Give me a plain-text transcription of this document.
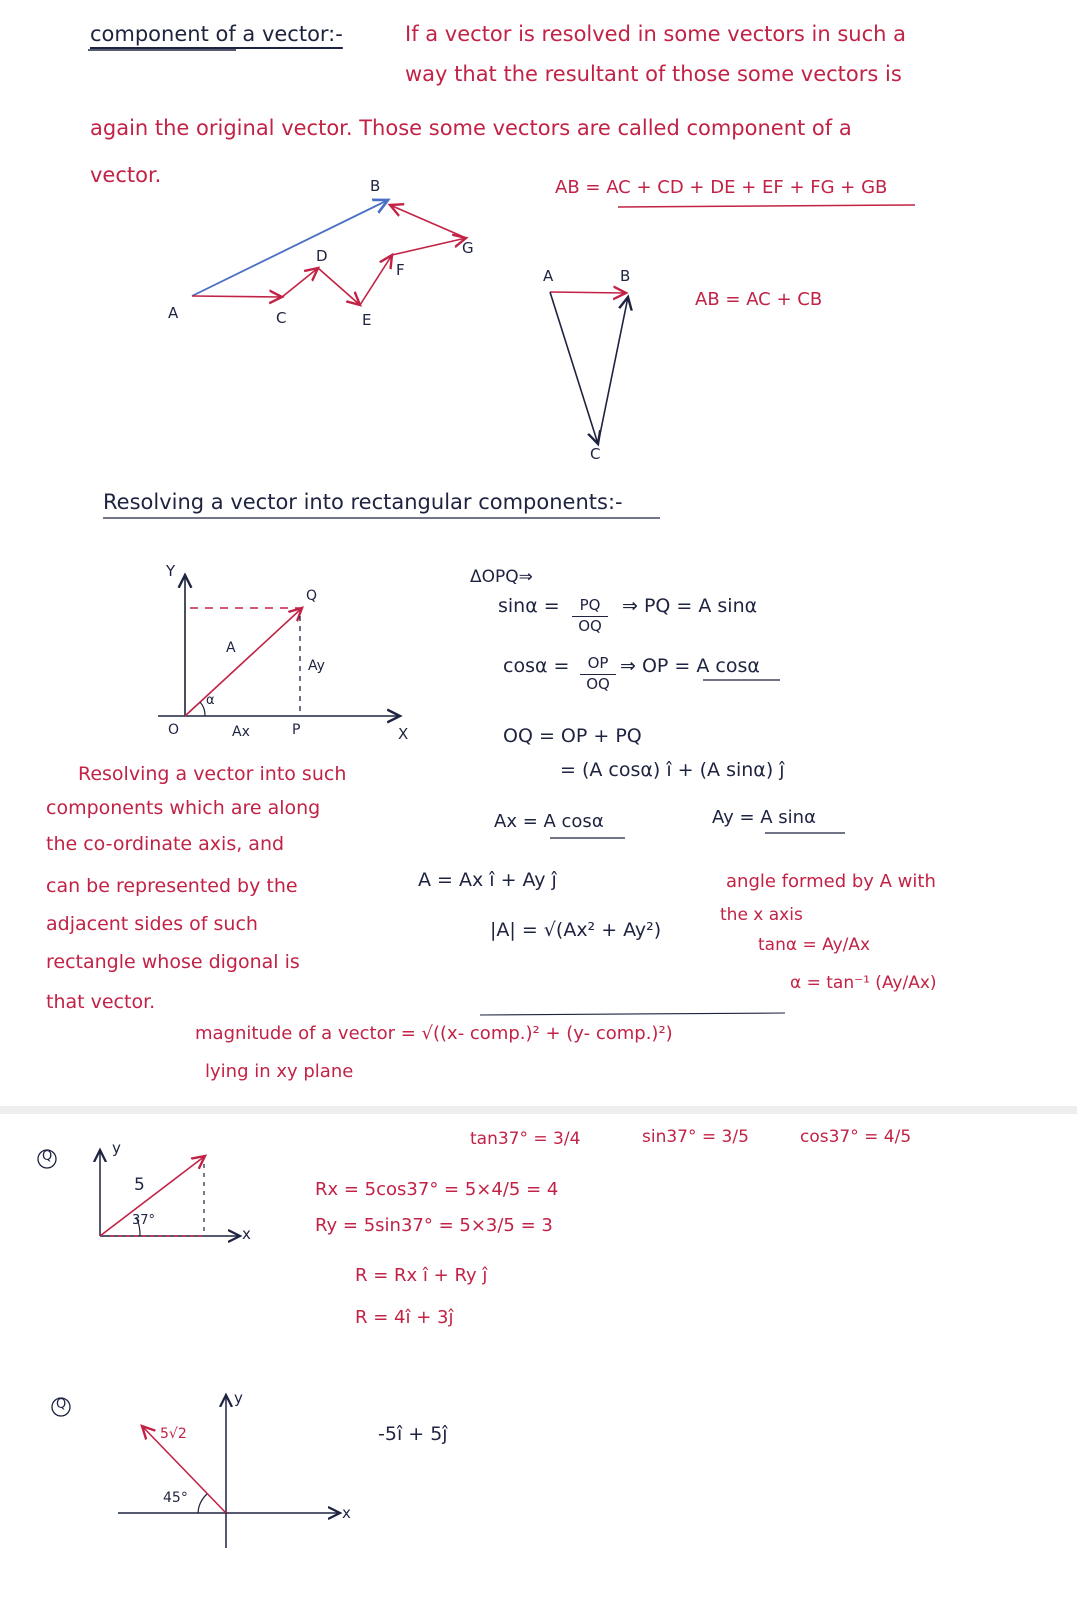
component of a vector:-	If a vector is resolved in some vectors in such a
way that the resultant of those some vectors is
again the original vector. Those some vectors are called component of a
vector.
AB = AC + CD + DE + EF + FG + GB
AB = AC + CB
A
B
C
D
E
F
G
A	B
C
Resolving a vector into rectangular components:-
Y
X
O
Q
P
A
α
Ax
Ay
ΔOPQ⇒
$\sin\alpha = \frac{PQ}{OQ}$ ⇒ PQ = A sinα
$\cos\alpha = \frac{OP}{OQ}$ ⇒ OP = A cosα
OQ = OP + PQ
= (A cosα) î + (A sinα) ĵ
Ax = A cosα	Ay = A sinα
Resolving a vector into such
components which are along
the co-ordinate axis, and
can be represented by the
adjacent sides of such
rectangle whose digonal is
that vector.
A = Ax î + Ay ĵ
|A| = √(Ax² + Ay²)
angle formed by A with
the x axis
tanα = Ay/Ax
α = tan⁻¹ (Ay/Ax)
magnitude of a vector = √((x- comp.)² + (y- comp.)²)
lying in xy plane
Q	y
x
5
37°
tan37° = 3/4	sin37° = 3/5	cos37° = 4/5
Rx = 5cos37° = 5×4/5 = 4
Ry = 5sin37° = 5×3/5 = 3
R = Rx î + Ry ĵ
R = 4î + 3ĵ
Q	y
x
5√2
45°
-5î + 5ĵ
